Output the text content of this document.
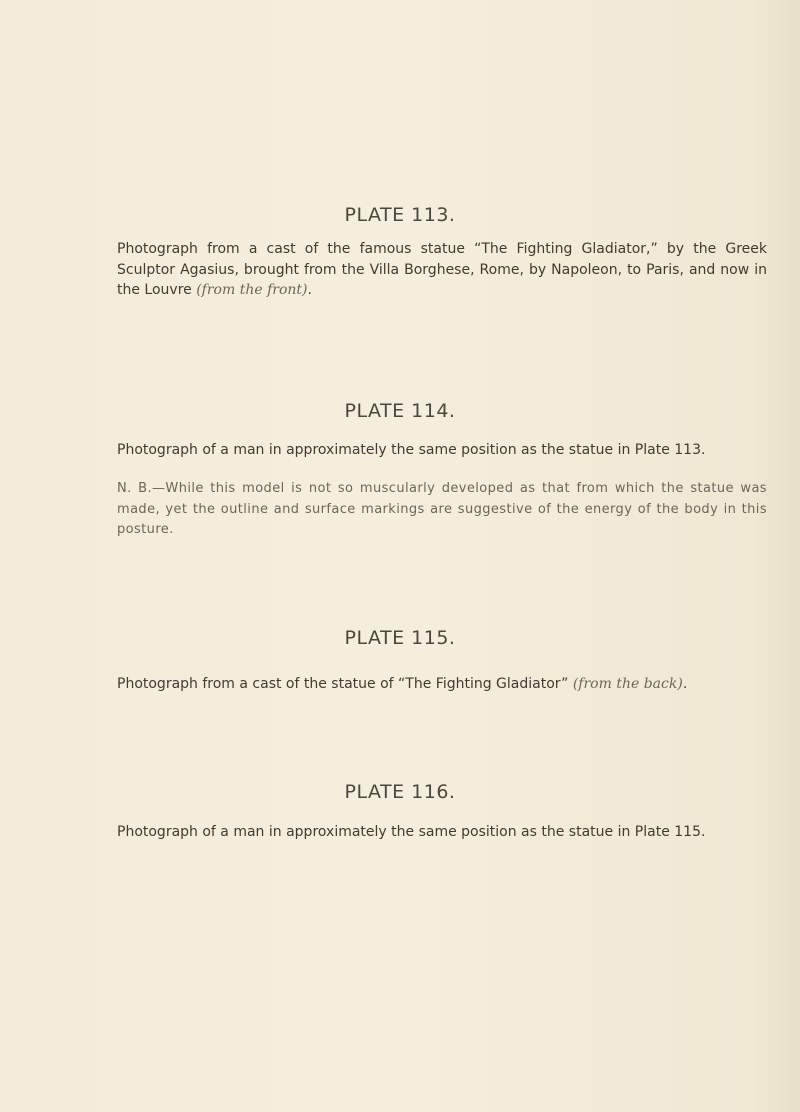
PLATE 113.

Photograph from a cast of the famous statue “The Fighting Gladiator,” by the Greek Sculptor Agasius, brought from the Villa Borghese, Rome, by Napoleon, to Paris, and now in the Louvre (from the front).

PLATE 114.

Photograph of a man in approximately the same position as the statue in Plate 113.

N. B.—While this model is not so muscularly developed as that from which the statue was made, yet the outline and surface markings are suggestive of the energy of the body in this posture.

PLATE 115.

Photograph from a cast of the statue of “The Fighting Gladiator” (from the back).

PLATE 116.

Photograph of a man in approximately the same position as the statue in Plate 115.
